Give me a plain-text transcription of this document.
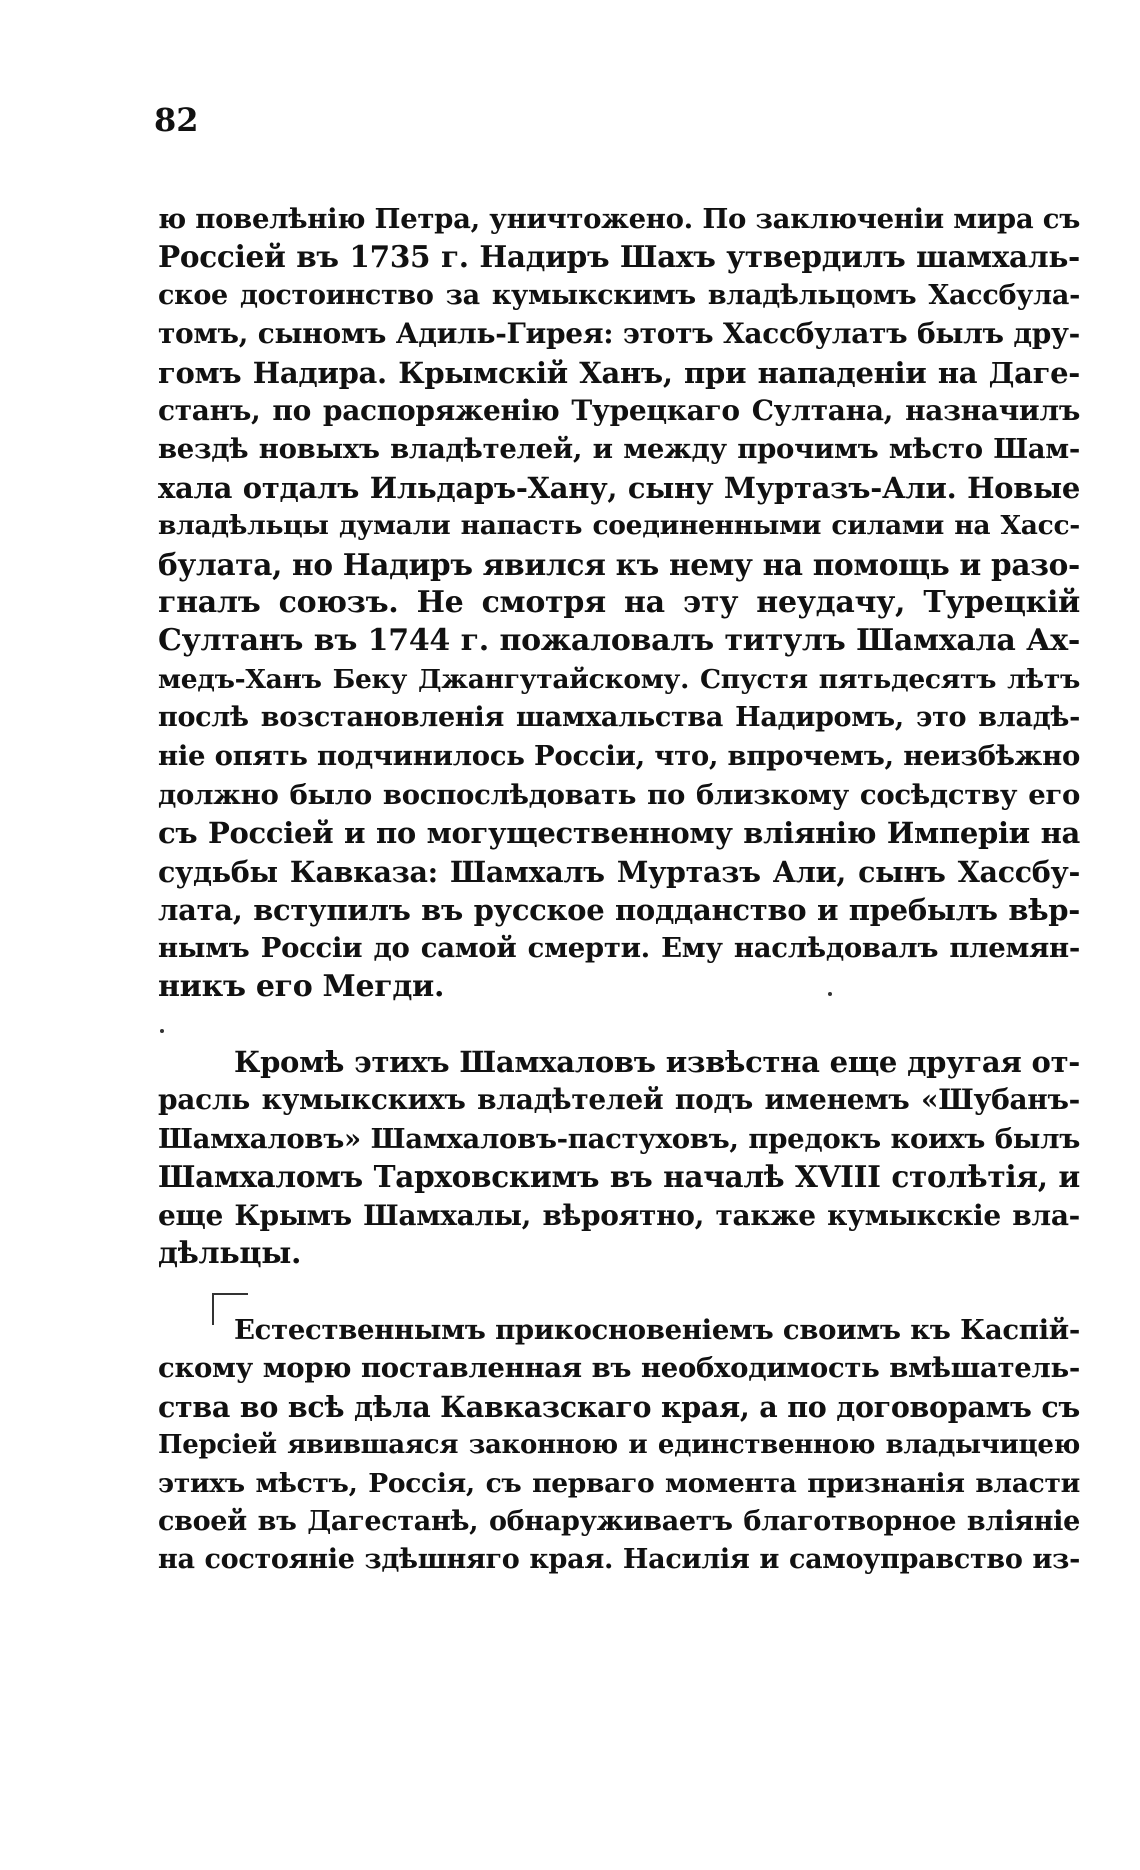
82
ю повелѣнію Петра, уничтожено. По заключеніи мира съ
Россіей въ 1735 г. Надиръ Шахъ утвердилъ шамхаль-
ское достоинство за кумыкскимъ владѣльцомъ Хассбула-
томъ, сыномъ Адиль-Гирея: этотъ Хассбулатъ былъ дру-
гомъ Надира. Крымскій Ханъ, при нападеніи на Даге-
станъ, по распоряженію Турецкаго Султана, назначилъ
вездѣ новыхъ владѣтелей, и между прочимъ мѣсто Шам-
хала отдалъ Ильдаръ-Хану, сыну Муртазъ-Али. Новые
владѣльцы думали напасть соединенными силами на Хасс-
булата, но Надиръ явился къ нему на помощь и разо-
гналъ союзъ. Не смотря на эту неудачу, Турецкій
Султанъ въ 1744 г. пожаловалъ титулъ Шамхала Ах-
медъ-Ханъ Беку Джангутайскому. Спустя пятьдесятъ лѣтъ
послѣ возстановленія шамхальства Надиромъ, это владѣ-
ніе опять подчинилось Россіи, что, впрочемъ, неизбѣжно
должно было воспослѣдовать по близкому сосѣдству его
съ Россіей и по могущественному вліянію Имперіи на
судьбы Кавказа: Шамхалъ Муртазъ Али, сынъ Хассбу-
лата, вступилъ въ русское подданство и пребылъ вѣр-
нымъ Россіи до самой смерти. Ему наслѣдовалъ племян-
никъ его Мегди.
Кромѣ этихъ Шамхаловъ извѣстна еще другая от-
расль кумыкскихъ владѣтелей подъ именемъ «Шубанъ-
Шамхаловъ» Шамхаловъ-пастуховъ, предокъ коихъ былъ
Шамхаломъ Тарховскимъ въ началѣ XVIII столѣтія, и
еще Крымъ Шамхалы, вѣроятно, также кумыкскіе вла-
дѣльцы.
Естественнымъ прикосновеніемъ своимъ къ Каспій-
скому морю поставленная въ необходимость вмѣшатель-
ства во всѣ дѣла Кавказскаго края, а по договорамъ съ
Персіей явившаяся законною и единственною владычицею
этихъ мѣстъ, Россія, съ перваго момента признанія власти
своей въ Дагестанѣ, обнаруживаетъ благотворное вліяніе
на состояніе здѣшняго края. Насилія и самоуправство из-
